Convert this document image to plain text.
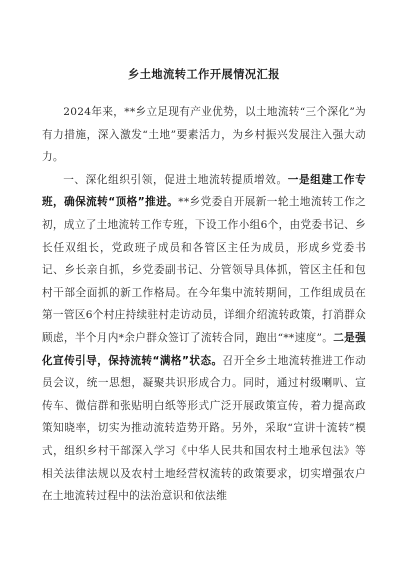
乡土地流转工作开展情况汇报

2024年来，**乡立足现有产业优势，以土地流转“三个深化”为有力措施，深入激发“土地”要素活力，为乡村振兴发展注入强大动力。

一、深化组织引领，促进土地流转提质增效。一是组建工作专班，确保流转“顶格”推进。**乡党委自开展新一轮土地流转工作之初，成立了土地流转工作专班，下设工作小组6个，由党委书记、乡长任双组长，党政班子成员和各管区主任为成员，形成乡党委书记、乡长亲自抓，乡党委副书记、分管领导具体抓，管区主任和包村干部全面抓的新工作格局。在今年集中流转期间，工作组成员在第一管区6个村庄持续驻村走访动员，详细介绍流转政策，打消群众顾虑，半个月内*余户群众签订了流转合同，跑出“**速度”。二是强化宣传引导，保持流转“满格”状态。召开全乡土地流转推进工作动员会议，统一思想，凝聚共识形成合力。同时，通过村级喇叭、宣传车、微信群和张贴明白纸等形式广泛开展政策宣传，着力提高政策知晓率，切实为推动流转造势开路。另外，采取“宣讲十流转”模式，组织乡村干部深入学习《中华人民共和国农村土地承包法》等相关法律法规以及农村土地经营权流转的政策要求，切实增强农户在土地流转过程中的法治意识和依法维
